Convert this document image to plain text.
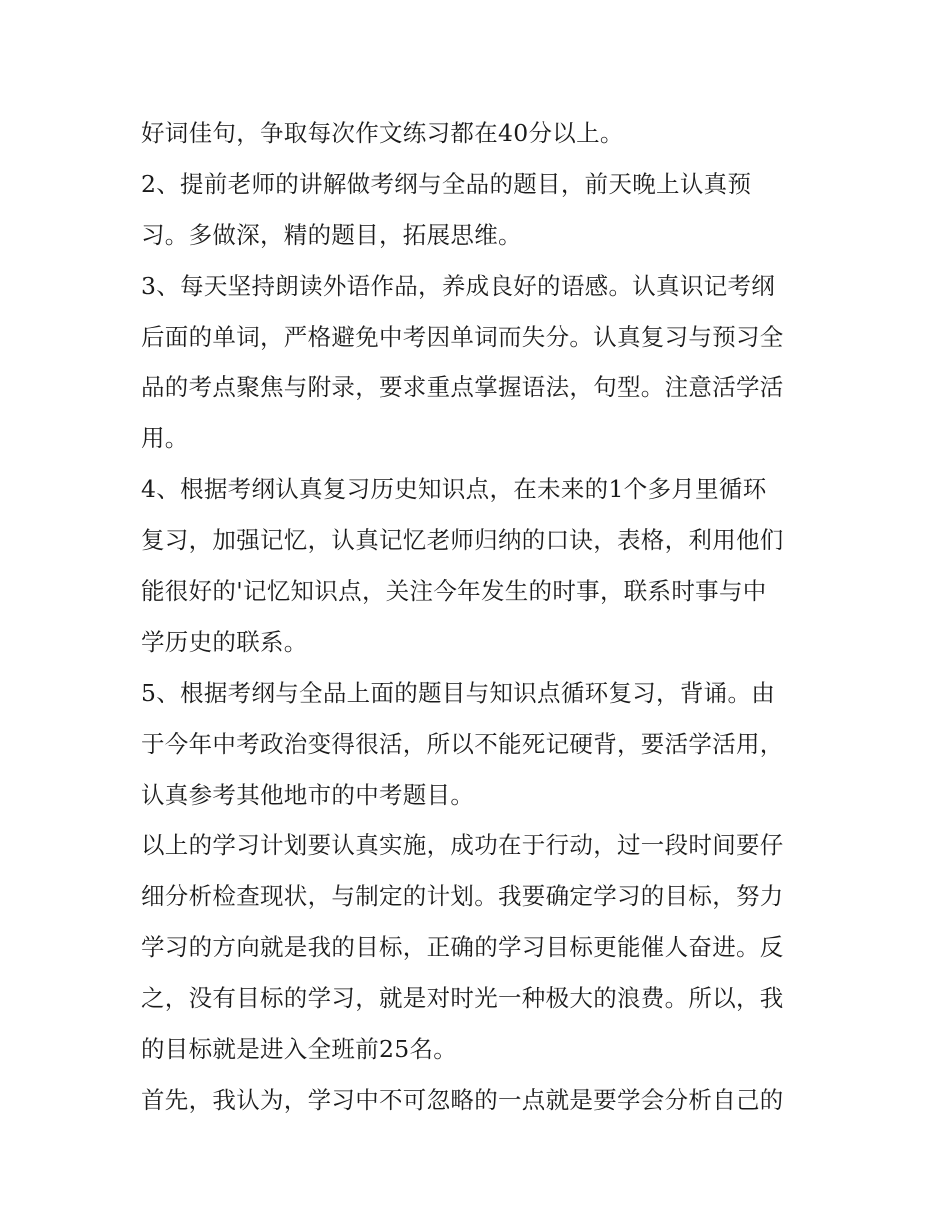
好词佳句，争取每次作文练习都在40分以上。
2、提前老师的讲解做考纲与全品的题目，前天晚上认真预
习。多做深，精的题目，拓展思维。
3、每天坚持朗读外语作品，养成良好的语感。认真识记考纲
后面的单词，严格避免中考因单词而失分。认真复习与预习全
品的考点聚焦与附录，要求重点掌握语法，句型。注意活学活
用。
4、根据考纲认真复习历史知识点，在未来的1个多月里循环
复习，加强记忆，认真记忆老师归纳的口诀，表格，利用他们
能很好的'记忆知识点，关注今年发生的时事，联系时事与中
学历史的联系。
5、根据考纲与全品上面的题目与知识点循环复习，背诵。由
于今年中考政治变得很活，所以不能死记硬背，要活学活用，
认真参考其他地市的中考题目。
以上的学习计划要认真实施，成功在于行动，过一段时间要仔
细分析检查现状，与制定的计划。我要确定学习的目标，努力
学习的方向就是我的目标，正确的学习目标更能催人奋进。反
之，没有目标的学习，就是对时光一种极大的浪费。所以，我
的目标就是进入全班前25名。
首先，我认为，学习中不可忽略的一点就是要学会分析自己的
